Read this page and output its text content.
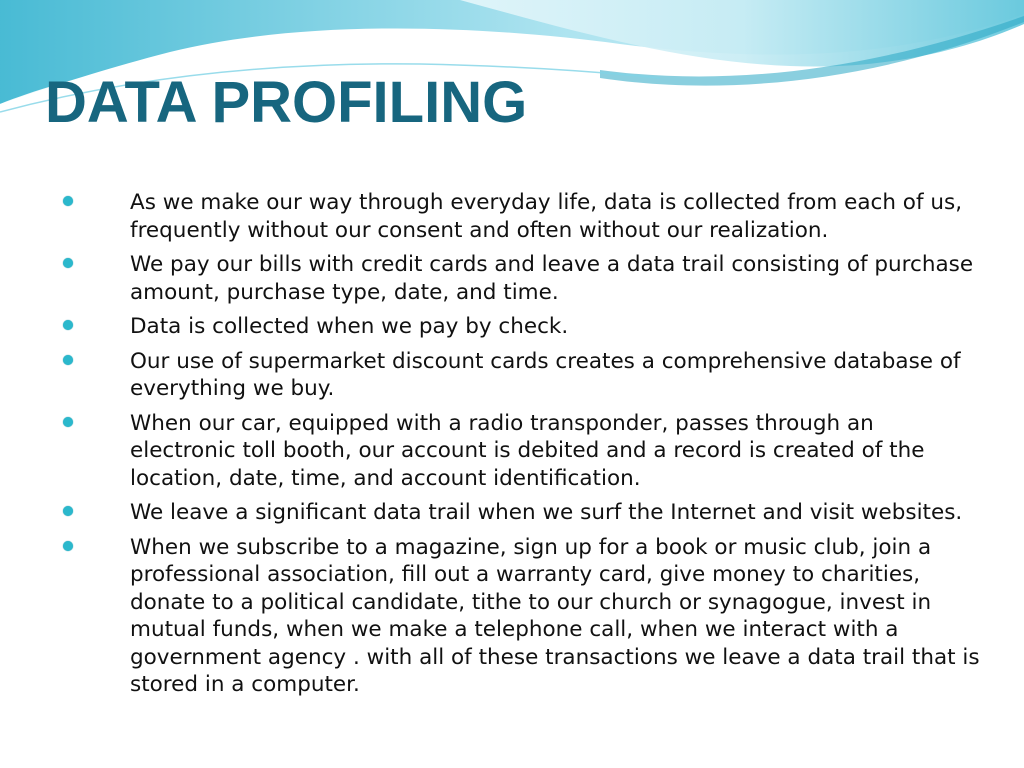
DATA PROFILING
As we make our way through everyday life, data is collected from each of us, frequently without our consent and often without our realization.
We pay our bills with credit cards and leave a data trail consisting of purchase amount, purchase type, date, and time.
Data is collected when we pay by check.
Our use of supermarket discount cards creates a comprehensive database of everything we buy.
When our car, equipped with a radio transponder, passes through an electronic toll booth, our account is debited and a record is created of the location, date, time, and account identification.
We leave a significant data trail when we surf the Internet and visit websites.
When we subscribe to a magazine, sign up for a book or music club, join a professional association, fill out a warranty card, give money to charities, donate to a political candidate, tithe to our church or synagogue, invest in mutual funds, when we make a telephone call, when we interact with a government agency . with all of these transactions we leave a data trail that is stored in a computer.
